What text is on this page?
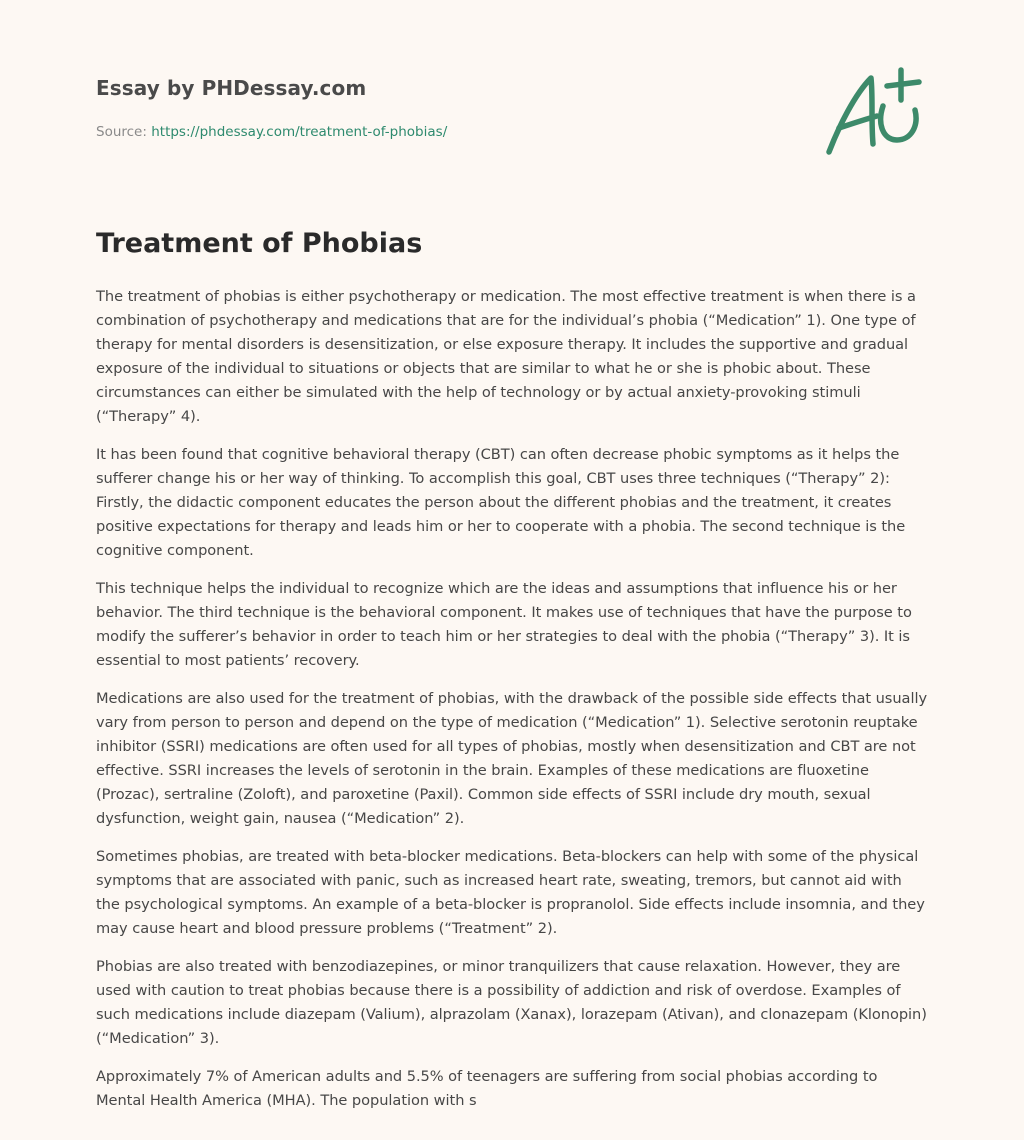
Essay by PHDessay.com
Source: https://phdessay.com/treatment-of-phobias/
Treatment of Phobias

The treatment of phobias is either psychotherapy or medication. The most effective treatment is when there is a combination of psychotherapy and medications that are for the individual’s phobia (“Medication” 1). One type of therapy for mental disorders is desensitization, or else exposure therapy. It includes the supportive and gradual exposure of the individual to situations or objects that are similar to what he or she is phobic about. These circumstances can either be simulated with the help of technology or by actual anxiety-provoking stimuli (“Therapy” 4).

It has been found that cognitive behavioral therapy (CBT) can often decrease phobic symptoms as it helps the sufferer change his or her way of thinking. To accomplish this goal, CBT uses three techniques (“Therapy” 2): Firstly, the didactic component educates the person about the different phobias and the treatment, it creates positive expectations for therapy and leads him or her to cooperate with a phobia. The second technique is the cognitive component.

This technique helps the individual to recognize which are the ideas and assumptions that influence his or her behavior. The third technique is the behavioral component. It makes use of techniques that have the purpose to modify the sufferer’s behavior in order to teach him or her strategies to deal with the phobia (“Therapy” 3). It is essential to most patients’ recovery.

Medications are also used for the treatment of phobias, with the drawback of the possible side effects that usually vary from person to person and depend on the type of medication (“Medication” 1). Selective serotonin reuptake inhibitor (SSRI) medications are often used for all types of phobias, mostly when desensitization and CBT are not effective. SSRI increases the levels of serotonin in the brain. Examples of these medications are fluoxetine (Prozac), sertraline (Zoloft), and paroxetine (Paxil). Common side effects of SSRI include dry mouth, sexual dysfunction, weight gain, nausea (“Medication” 2).

Sometimes phobias, are treated with beta-blocker medications. Beta-blockers can help with some of the physical symptoms that are associated with panic, such as increased heart rate, sweating, tremors, but cannot aid with the psychological symptoms. An example of a beta-blocker is propranolol. Side effects include insomnia, and they may cause heart and blood pressure problems (“Treatment” 2).

Phobias are also treated with benzodiazepines, or minor tranquilizers that cause relaxation. However, they are used with caution to treat phobias because there is a possibility of addiction and risk of overdose. Examples of such medications include diazepam (Valium), alprazolam (Xanax), lorazepam (Ativan), and clonazepam (Klonopin) (“Medication” 3).

Approximately 7% of American adults and 5.5% of teenagers are suffering from social phobias according to Mental Health America (MHA). The population with s
